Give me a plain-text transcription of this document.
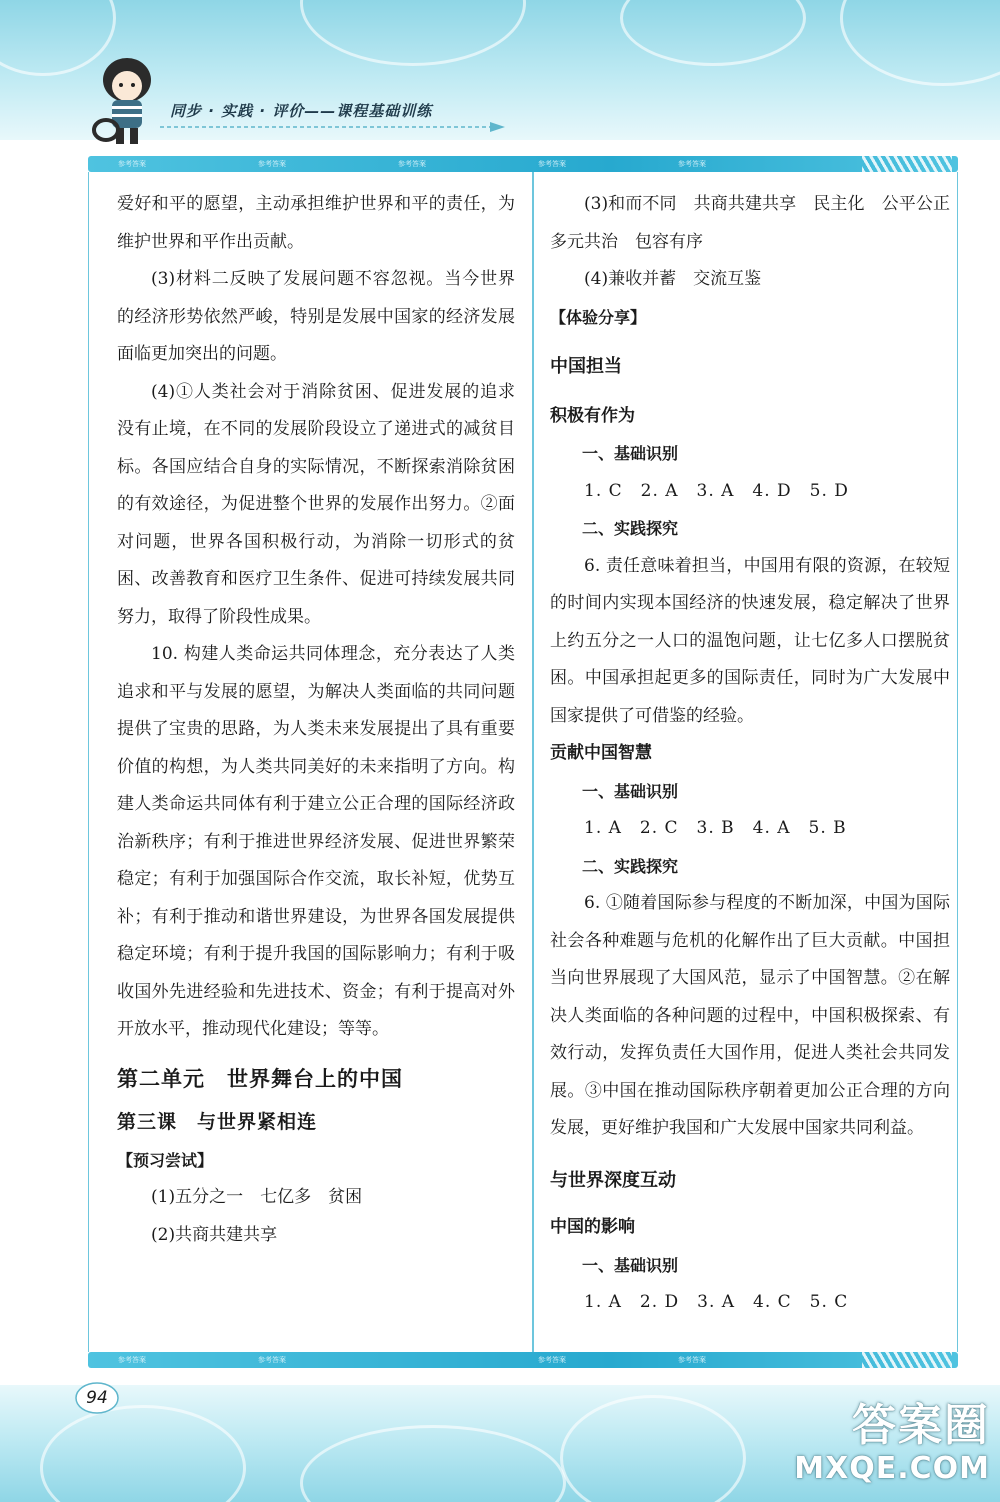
同步 · 实践 · 评价——课程基础训练
参考答案	参考答案	参考答案	参考答案	参考答案

爱好和平的愿望，主动承担维护世界和平的责任，为维护世界和平作出贡献。

(3)材料二反映了发展问题不容忽视。当今世界的经济形势依然严峻，特别是发展中国家的经济发展面临更加突出的问题。

(4)①人类社会对于消除贫困、促进发展的追求没有止境，在不同的发展阶段设立了递进式的减贫目标。各国应结合自身的实际情况，不断探索消除贫困的有效途径，为促进整个世界的发展作出努力。②面对问题，世界各国积极行动，为消除一切形式的贫困、改善教育和医疗卫生条件、促进可持续发展共同努力，取得了阶段性成果。

10. 构建人类命运共同体理念，充分表达了人类追求和平与发展的愿望，为解决人类面临的共同问题提供了宝贵的思路，为人类未来发展提出了具有重要价值的构想，为人类共同美好的未来指明了方向。构建人类命运共同体有利于建立公正合理的国际经济政治新秩序；有利于推进世界经济发展、促进世界繁荣稳定；有利于加强国际合作交流，取长补短，优势互补；有利于推动和谐世界建设，为世界各国发展提供稳定环境；有利于提升我国的国际影响力；有利于吸收国外先进经验和先进技术、资金；有利于提高对外开放水平，推动现代化建设；等等。

第二单元　世界舞台上的中国

第三课　与世界紧相连

【预习尝试】

(1)五分之一　七亿多　贫困

(2)共商共建共享

(3)和而不同　共商共建共享　民主化　公平公正　多元共治　包容有序

(4)兼收并蓄　交流互鉴

【体验分享】

中国担当

积极有作为

一、基础识别

1. C　2. A　3. A　4. D　5. D

二、实践探究

6. 责任意味着担当，中国用有限的资源，在较短的时间内实现本国经济的快速发展，稳定解决了世界上约五分之一人口的温饱问题，让七亿多人口摆脱贫困。中国承担起更多的国际责任，同时为广大发展中国家提供了可借鉴的经验。

贡献中国智慧

一、基础识别

1. A　2. C　3. B　4. A　5. B

二、实践探究

6. ①随着国际参与程度的不断加深，中国为国际社会各种难题与危机的化解作出了巨大贡献。中国担当向世界展现了大国风范，显示了中国智慧。②在解决人类面临的各种问题的过程中，中国积极探索、有效行动，发挥负责任大国作用，促进人类社会共同发展。③中国在推动国际秩序朝着更加公正合理的方向发展，更好维护我国和广大发展中国家共同利益。

与世界深度互动

中国的影响

一、基础识别

1. A　2. D　3. A　4. C　5. C

参考答案	参考答案	参考答案	参考答案
94
答案圈
MXQE.COM
